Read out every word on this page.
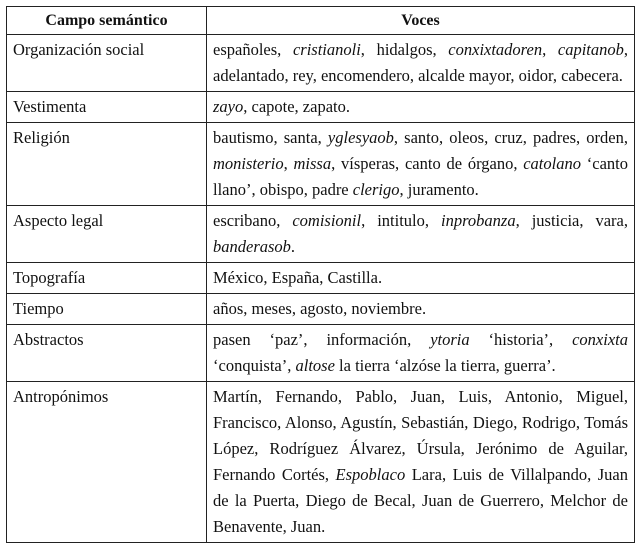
Campo semántico	Voces
Organización social	españoles, cristianoli, hidalgos, conxixtadoren, capitanob, adelantado, rey, encomendero, alcalde mayor, oidor, cabecera.
Vestimenta	zayo, capote, zapato.
Religión	bautismo, santa, yglesyaob, santo, oleos, cruz, padres, orden, monisterio, missa, vísperas, canto de órgano, catolano ‘canto llano’, obispo, padre clerigo, juramento.
Aspecto legal	escribano, comisionil, intitulo, inprobanza, justicia, vara, banderasob.
Topografía	México, España, Castilla.
Tiempo	años, meses, agosto, noviembre.
Abstractos	pasen ‘paz’, información, ytoria ‘historia’, conxixta ‘conquista’, altose la tierra ‘alzóse la tierra, guerra’.
Antropónimos	Martín, Fernando, Pablo, Juan, Luis, Antonio, Miguel, Francisco, Alonso, Agustín, Sebastián, Diego, Rodrigo, Tomás López, Rodríguez Álvarez, Úrsula, Jerónimo de Aguilar, Fernando Cortés, Espoblaco Lara, Luis de Villalpando, Juan de la Puerta, Diego de Becal, Juan de Guerrero, Melchor de Benavente, Juan.
